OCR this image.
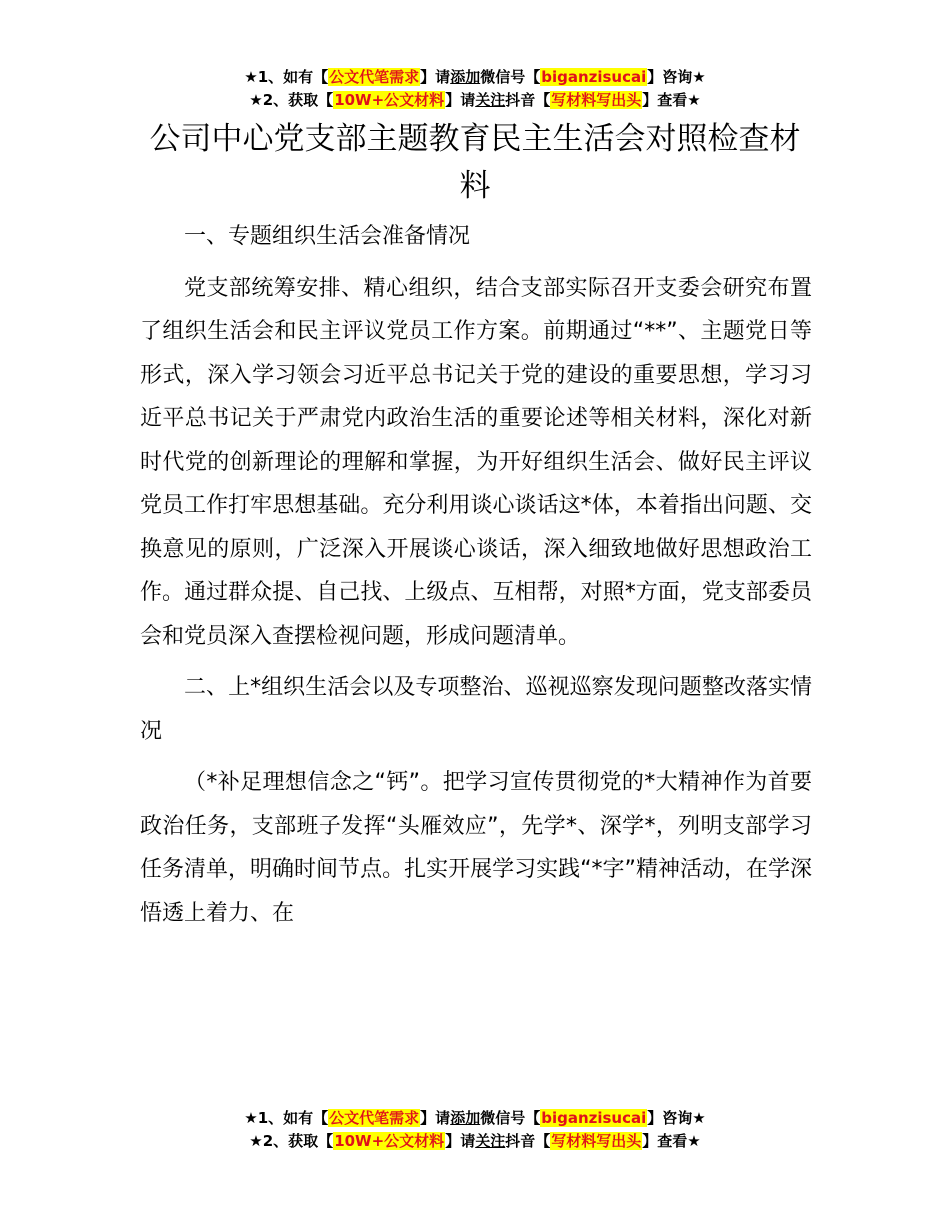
★1、如有【公文代笔需求】请添加微信号【biganzisucai】咨询★
★2、获取【10W+公文材料】请关注抖音【写材料写出头】查看★
公司中心党支部主题教育民主生活会对照检查材料

一、专题组织生活会准备情况

党支部统筹安排、精心组织，结合支部实际召开支委会研究布置了组织生活会和民主评议党员工作方案。前期通过“**”、主题党日等形式，深入学习领会习近平总书记关于党的建设的重要思想，学习习近平总书记关于严肃党内政治生活的重要论述等相关材料，深化对新时代党的创新理论的理解和掌握，为开好组织生活会、做好民主评议党员工作打牢思想基础。充分利用谈心谈话这*体，本着指出问题、交换意见的原则，广泛深入开展谈心谈话，深入细致地做好思想政治工作。通过群众提、自己找、上级点、互相帮，对照*方面，党支部委员会和党员深入查摆检视问题，形成问题清单。

二、上*组织生活会以及专项整治、巡视巡察发现问题整改落实情况

（*补足理想信念之“钙”。把学习宣传贯彻党的*大精神作为首要政治任务，支部班子发挥“头雁效应”，先学*、深学*，列明支部学习任务清单，明确时间节点。扎实开展学习实践“*字”精神活动，在学深悟透上着力、在

★1、如有【公文代笔需求】请添加微信号【biganzisucai】咨询★
★2、获取【10W+公文材料】请关注抖音【写材料写出头】查看★
